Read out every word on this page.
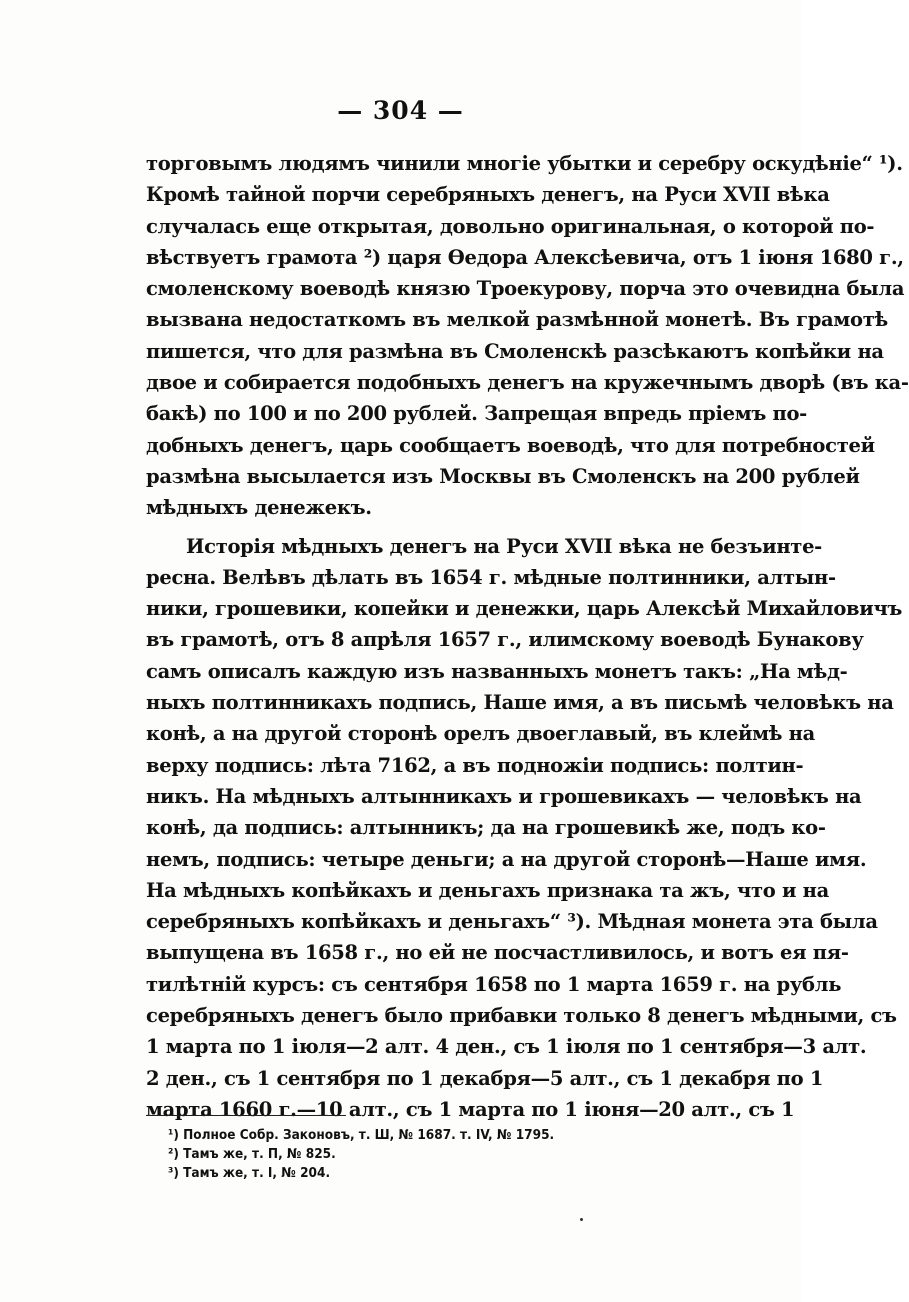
— 304 —
торговымъ людямъ чинили многіе убытки и серебру оскудѣніе“ ¹).
Кромѣ тайной порчи серебряныхъ денегъ, на Руси XVII вѣка
случалась еще открытая, довольно оригинальная, о которой по-
вѣствуетъ грамота ²) царя Ѳедора Алексѣевича, отъ 1 іюня 1680 г.,
смоленскому воеводѣ князю Троекурову, порча это очевидна была
вызвана недостаткомъ въ мелкой размѣнной монетѣ. Въ грамотѣ
пишется, что для размѣна въ Смоленскѣ разсѣкаютъ копѣйки на
двое и собирается подобныхъ денегъ на кружечнымъ дворѣ (въ ка-
бакѣ) по 100 и по 200 рублей. Запрещая впредь пріемъ по-
добныхъ денегъ, царь сообщаетъ воеводѣ, что для потребностей
размѣна высылается изъ Москвы въ Смоленскъ на 200 рублей
мѣдныхъ денежекъ.
Исторія мѣдныхъ денегъ на Руси XVII вѣка не безъинте-
ресна. Велѣвъ дѣлать въ 1654 г. мѣдные полтинники, алтын-
ники, грошевики, копейки и денежки, царь Алексѣй Михайловичъ
въ грамотѣ, отъ 8 апрѣля 1657 г., илимскому воеводѣ Бунакову
самъ описалъ каждую изъ названныхъ монетъ такъ: „На мѣд-
ныхъ полтинникахъ подпись, Наше имя, а въ письмѣ человѣкъ на
конѣ, а на другой сторонѣ орелъ двоеглавый, въ клеймѣ на
верху подпись: лѣта 7162, а въ подножіи подпись: полтин-
никъ. На мѣдныхъ алтынникахъ и грошевикахъ — человѣкъ на
конѣ, да подпись: алтынникъ; да на грошевикѣ же, подъ ко-
немъ, подпись: четыре деньги; а на другой сторонѣ—Наше имя.
На мѣдныхъ копѣйкахъ и деньгахъ признака та жъ, что и на
серебряныхъ копѣйкахъ и деньгахъ“ ³). Мѣдная монета эта была
выпущена въ 1658 г., но ей не посчастливилось, и вотъ ея пя-
тилѣтній курсъ: съ сентября 1658 по 1 марта 1659 г. на рубль
серебряныхъ денегъ было прибавки только 8 денегъ мѣдными, съ
1 марта по 1 іюля—2 алт. 4 ден., съ 1 іюля по 1 сентября—3 алт.
2 ден., съ 1 сентября по 1 декабря—5 алт., съ 1 декабря по 1
марта 1660 г.—10 алт., съ 1 марта по 1 іюня—20 алт., съ 1
¹) Полное Собр. Законовъ, т. Ш, № 1687. т. IV, № 1795.
²) Тамъ же, т. П, № 825.
³) Тамъ же, т. I, № 204.
